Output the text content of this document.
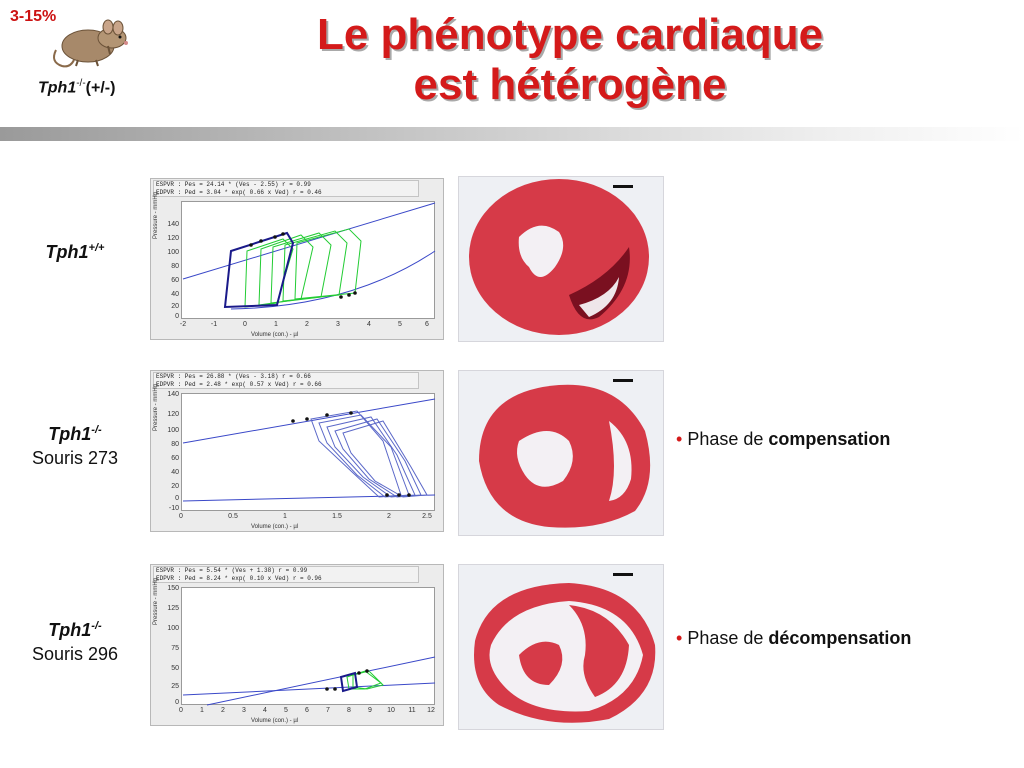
3-15%
Tph1-/-(+/-)
Le phénotype cardiaque
est hétérogène
Tph1+/+
ESPVR : Pes = 24.14 * (Ves - 2.55) r = 0.99
EDPVR : Ped = 3.04 * exp( 0.66 x Ved) r = 0.46
Pressure - mmHg
Volume (con.) - µl
140
120
100
80
60
40
20
0
-2	-1	0	1	2	3	4	5	6
Tph1-/-
Souris 273
ESPVR : Pes = 26.88 * (Ves - 3.18) r = 0.66
EDPVR : Ped = 2.48 * exp( 0.57 x Ved) r = 0.66
Pressure - mmHg
Volume (con.) - µl
140
120
100
80
60
40
20
0
-10
0	0.5	1	1.5	2	2.5
• Phase de compensation
Tph1-/-
Souris 296
ESPVR : Pes = 5.54 * (Ves + 1.38) r = 0.99
EDPVR : Ped = 8.24 * exp( 0.10 x Ved) r = 0.96
Pressure - mmHg
Volume (con.) - µl
150
125
100
75
50
25
0
0	1	2	3	4	5	6	7	8	9	10	11	12
• Phase de décompensation
